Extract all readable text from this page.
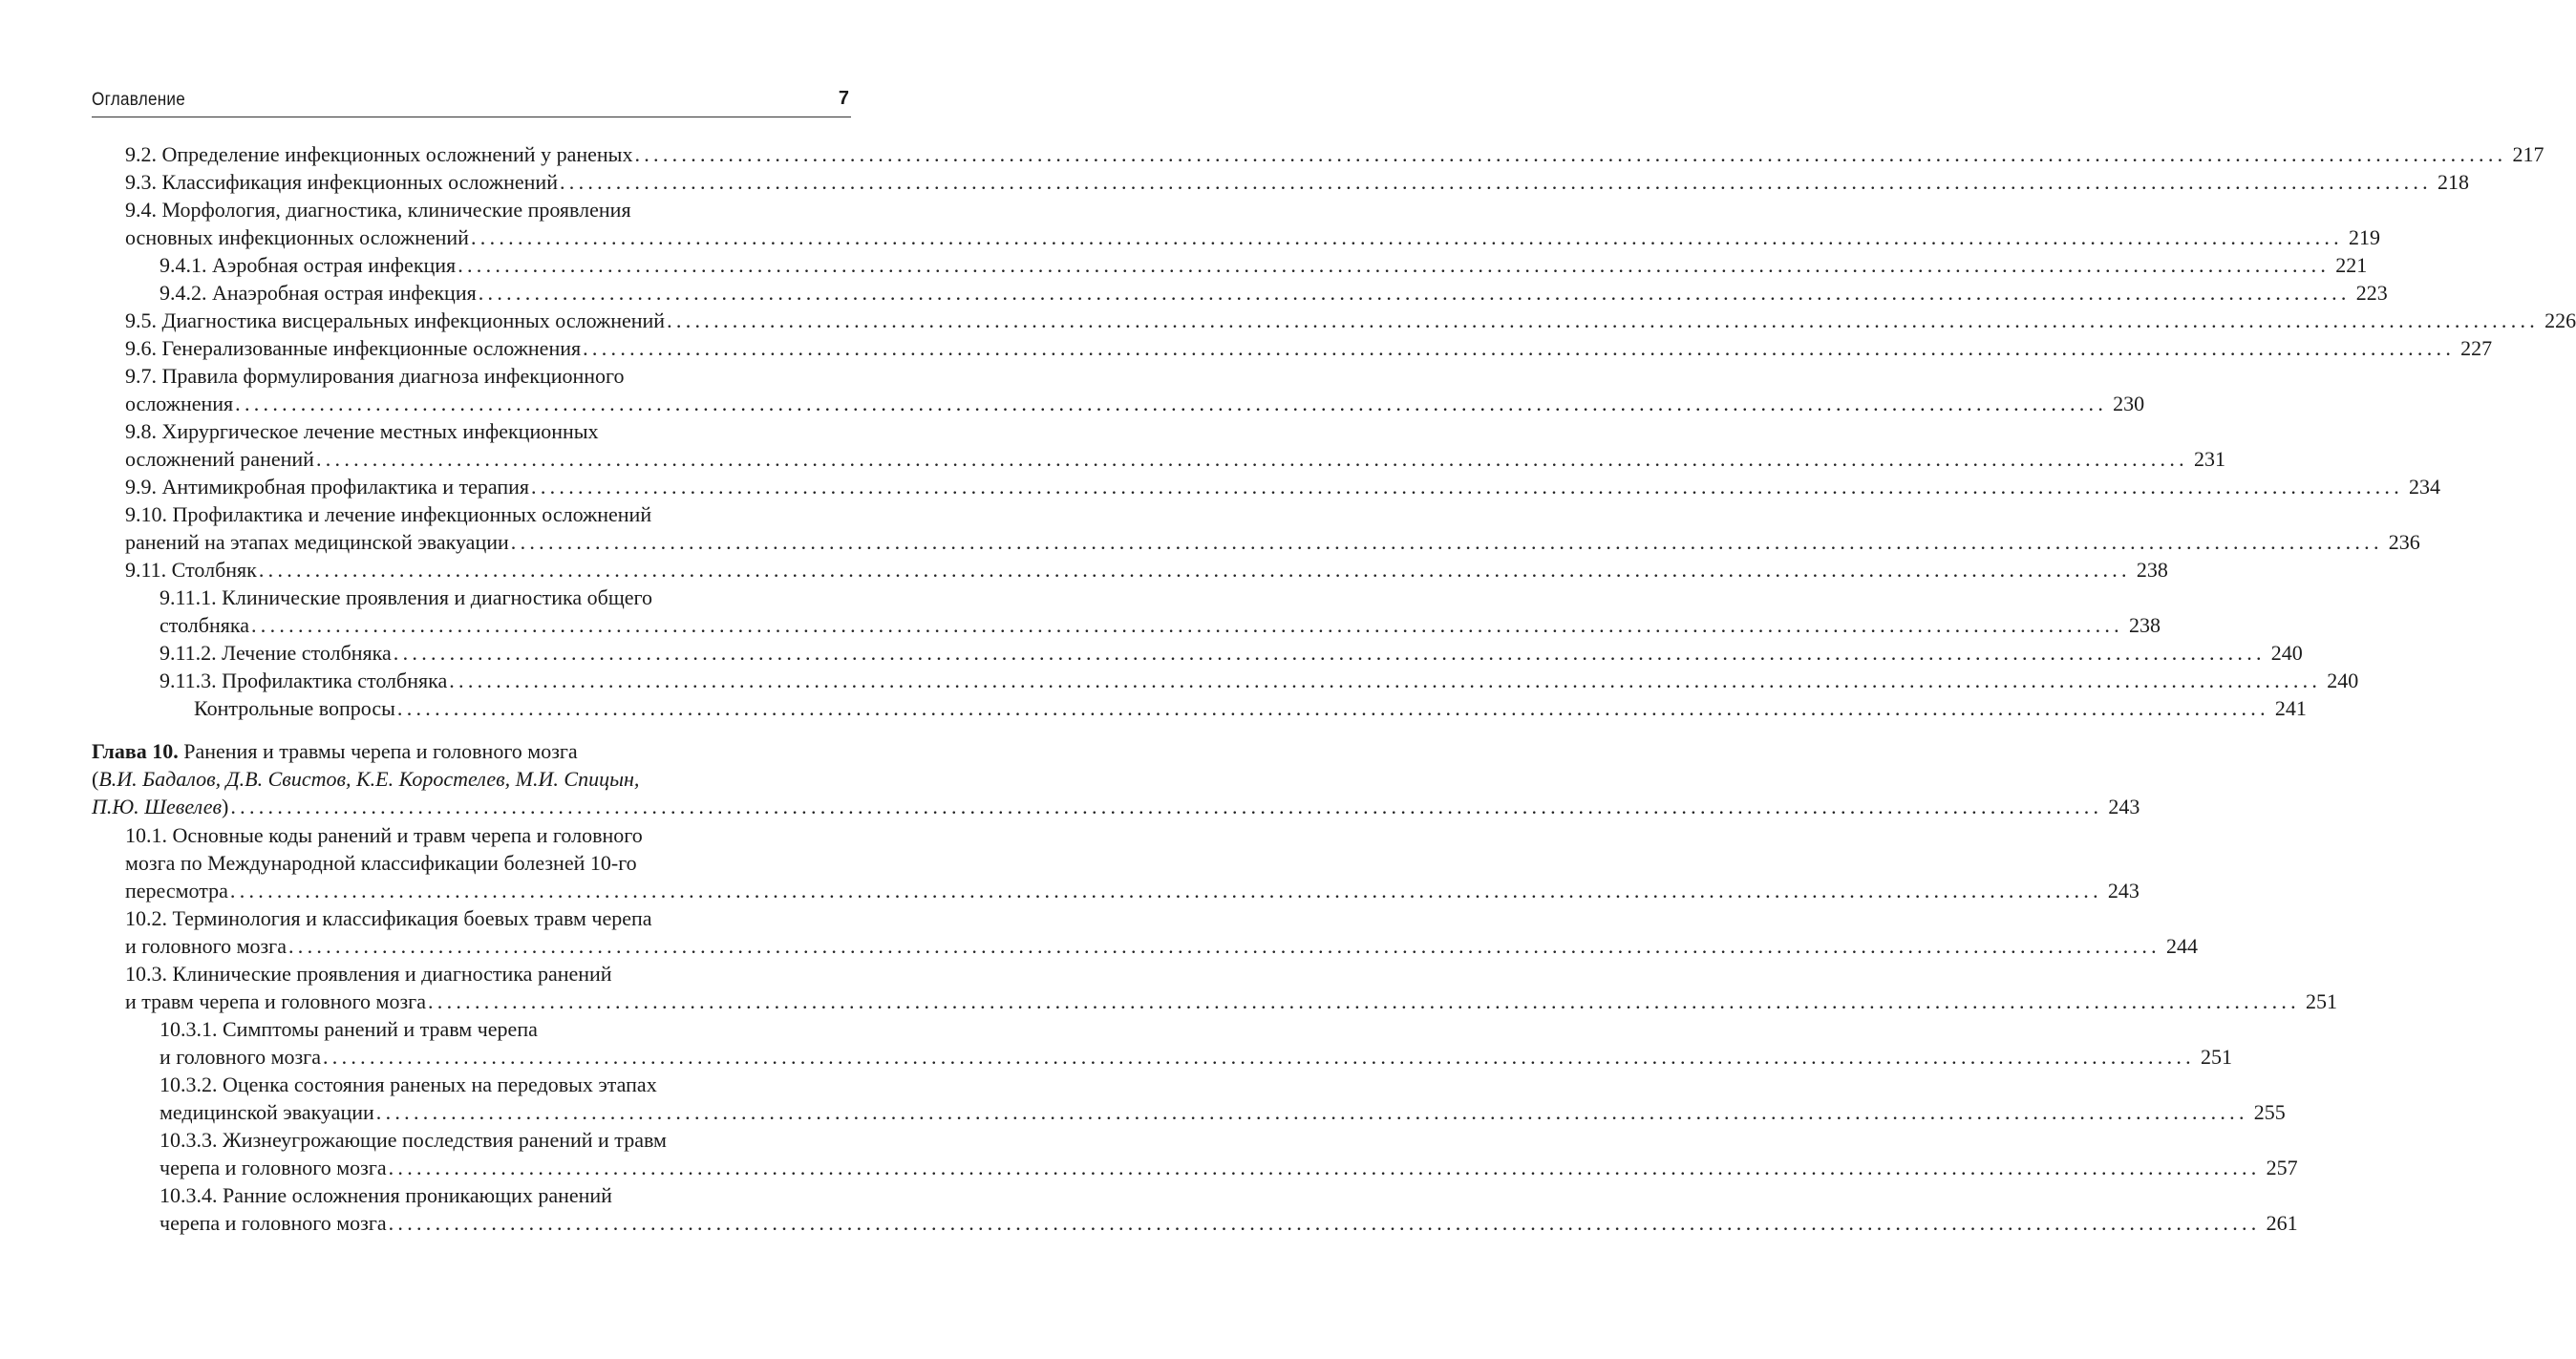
Оглавление	7
9.2. Определение инфекционных осложнений у раненых ........................................................................................................................................................................................................ 217
9.3. Классификация инфекционных осложнений ........................................................................................................................................................................................................ 218
9.4. Морфология, диагностика, клинические проявления
основных инфекционных осложнений ........................................................................................................................................................................................................ 219
9.4.1. Аэробная острая инфекция ........................................................................................................................................................................................................ 221
9.4.2. Анаэробная острая инфекция ........................................................................................................................................................................................................ 223
9.5. Диагностика висцеральных инфекционных осложнений ........................................................................................................................................................................................................ 226
9.6. Генерализованные инфекционные осложнения ........................................................................................................................................................................................................ 227
9.7. Правила формулирования диагноза инфекционного
осложнения ........................................................................................................................................................................................................ 230
9.8. Хирургическое лечение местных инфекционных
осложнений ранений ........................................................................................................................................................................................................ 231
9.9. Антимикробная профилактика и терапия ........................................................................................................................................................................................................ 234
9.10. Профилактика и лечение инфекционных осложнений
ранений на этапах медицинской эвакуации ........................................................................................................................................................................................................ 236
9.11. Столбняк ........................................................................................................................................................................................................ 238
9.11.1. Клинические проявления и диагностика общего
столбняка ........................................................................................................................................................................................................ 238
9.11.2. Лечение столбняка ........................................................................................................................................................................................................ 240
9.11.3. Профилактика столбняка ........................................................................................................................................................................................................ 240
Контрольные вопросы ........................................................................................................................................................................................................ 241
Глава 10. Ранения и травмы черепа и головного мозга
(В.И. Бадалов, Д.В. Свистов, К.Е. Коростелев, М.И. Спицын,
П.Ю. Шевелев) ........................................................................................................................................................................................................ 243
10.1. Основные коды ранений и травм черепа и головного
мозга по Международной классификации болезней 10-го
пересмотра ........................................................................................................................................................................................................ 243
10.2. Терминология и классификация боевых травм черепа
и головного мозга ........................................................................................................................................................................................................ 244
10.3. Клинические проявления и диагностика ранений
и травм черепа и головного мозга ........................................................................................................................................................................................................ 251
10.3.1. Симптомы ранений и травм черепа
и головного мозга ........................................................................................................................................................................................................ 251
10.3.2. Оценка состояния раненых на передовых этапах
медицинской эвакуации ........................................................................................................................................................................................................ 255
10.3.3. Жизнеугрожающие последствия ранений и травм
черепа и головного мозга ........................................................................................................................................................................................................ 257
10.3.4. Ранние осложнения проникающих ранений
черепа и головного мозга ........................................................................................................................................................................................................ 261
